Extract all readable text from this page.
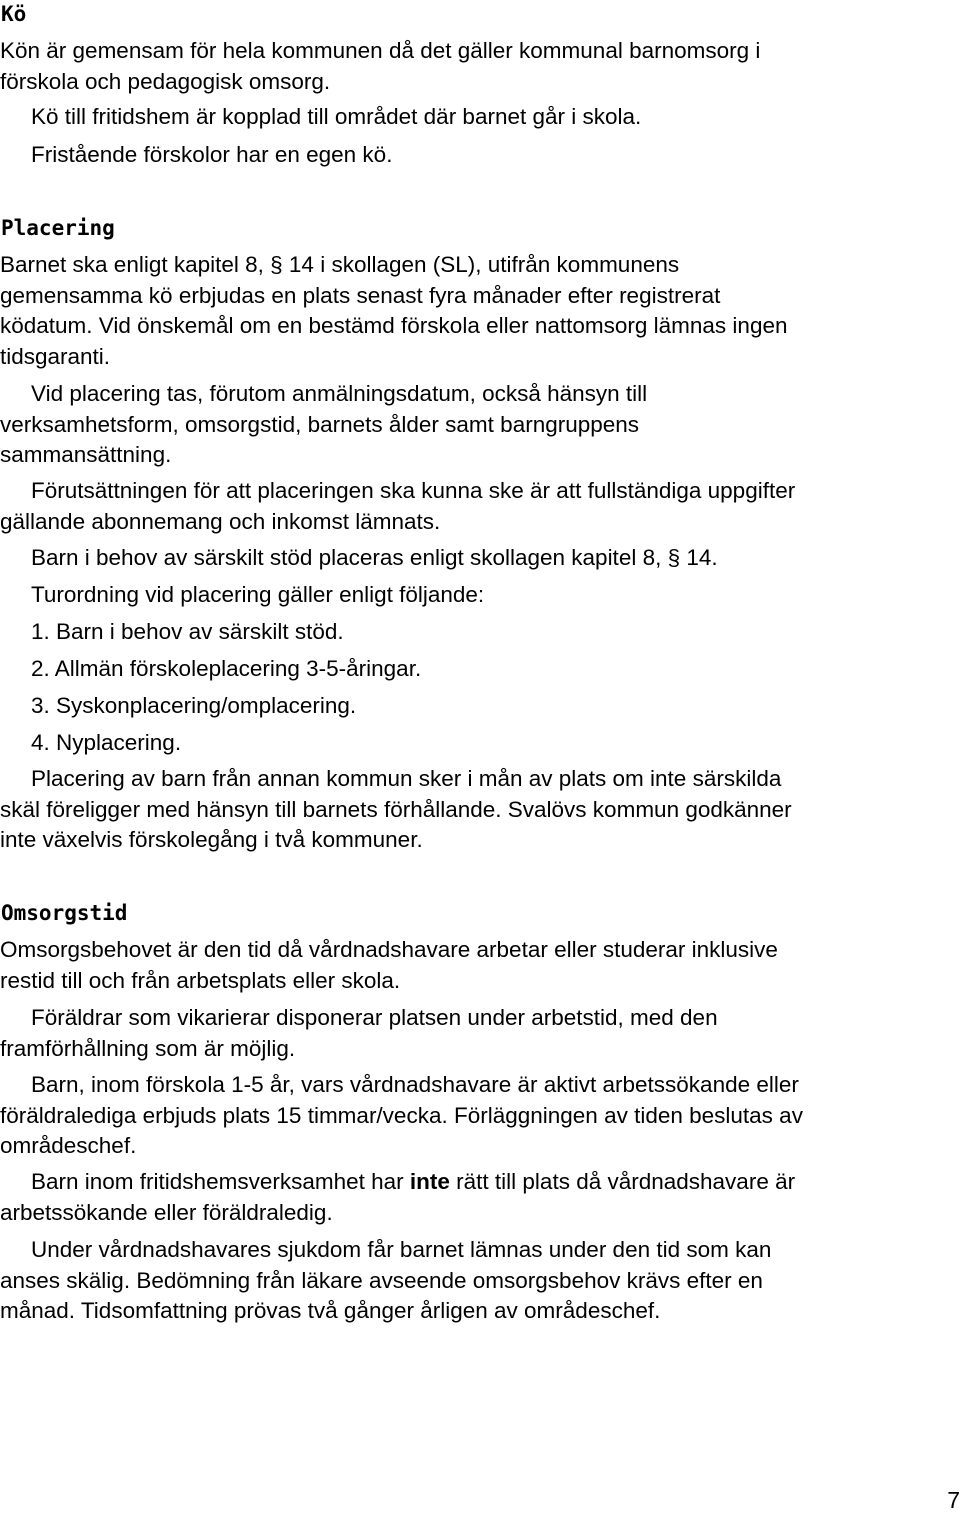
Kö

Kön är gemensam för hela kommunen då det gäller kommunal barnomsorg i
förskola och pedagogisk omsorg.

Kö till fritidshem är kopplad till området där barnet går i skola.

Fristående förskolor har en egen kö.

Placering

Barnet ska enligt kapitel 8, § 14 i skollagen (SL), utifrån kommunens
gemensamma kö erbjudas en plats senast fyra månader efter registrerat
ködatum. Vid önskemål om en bestämd förskola eller nattomsorg lämnas ingen
tidsgaranti.

Vid placering tas, förutom anmälningsdatum, också hänsyn till
verksamhetsform, omsorgstid, barnets ålder samt barngruppens
sammansättning.

Förutsättningen för att placeringen ska kunna ske är att fullständiga uppgifter
gällande abonnemang och inkomst lämnats.

Barn i behov av särskilt stöd placeras enligt skollagen kapitel 8, § 14.

Turordning vid placering gäller enligt följande:

1. Barn i behov av särskilt stöd.

2. Allmän förskoleplacering 3-5-åringar.

3. Syskonplacering/omplacering.

4. Nyplacering.

Placering av barn från annan kommun sker i mån av plats om inte särskilda
skäl föreligger med hänsyn till barnets förhållande. Svalövs kommun godkänner
inte växelvis förskolegång i två kommuner.

Omsorgstid

Omsorgsbehovet är den tid då vårdnadshavare arbetar eller studerar inklusive
restid till och från arbetsplats eller skola.

Föräldrar som vikarierar disponerar platsen under arbetstid, med den
framförhållning som är möjlig.

Barn, inom förskola 1-5 år, vars vårdnadshavare är aktivt arbetssökande eller
föräldralediga erbjuds plats 15 timmar/vecka. Förläggningen av tiden beslutas av
områdeschef.

Barn inom fritidshemsverksamhet har inte rätt till plats då vårdnadshavare är
arbetssökande eller föräldraledig.

Under vårdnadshavares sjukdom får barnet lämnas under den tid som kan
anses skälig. Bedömning från läkare avseende omsorgsbehov krävs efter en
månad. Tidsomfattning prövas två gånger årligen av områdeschef.

7
